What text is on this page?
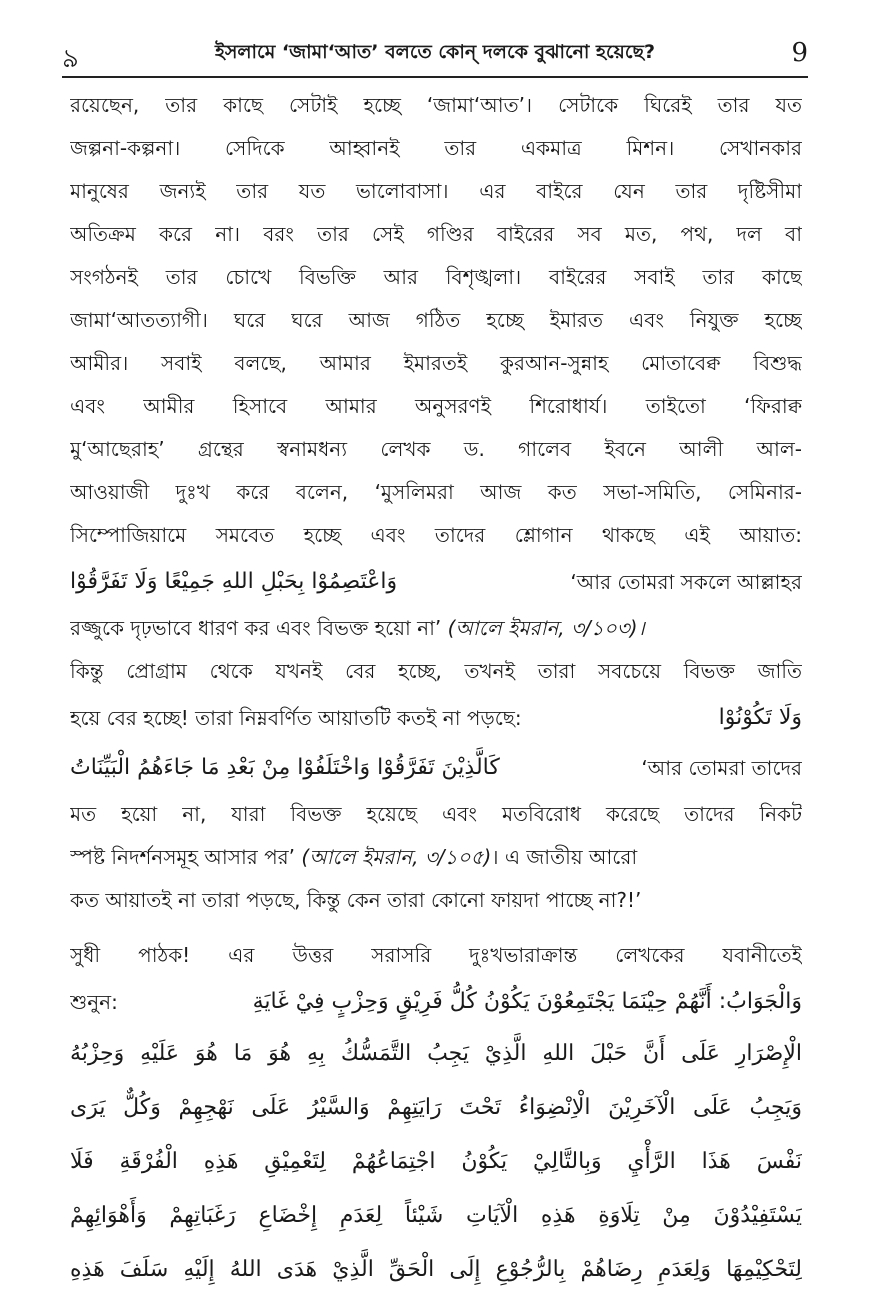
৯	ইসলামে ‘জামা‘আত’ বলতে কোন্ দলকে বুঝানো হয়েছে?	9
রয়েছেন, তার কাছে সেটাই হচ্ছে ‘জামা‘আত’। সেটাকে ঘিরেই তার যত
জল্পনা-কল্পনা। সেদিকে আহ্বানই তার একমাত্র মিশন। সেখানকার
মানুষের জন্যই তার যত ভালোবাসা। এর বাইরে যেন তার দৃষ্টিসীমা
অতিক্রম করে না। বরং তার সেই গণ্ডির বাইরের সব মত, পথ, দল বা
সংগঠনই তার চোখে বিভক্তি আর বিশৃঙ্খলা। বাইরের সবাই তার কাছে
জামা‘আতত্যাগী। ঘরে ঘরে আজ গঠিত হচ্ছে ইমারত এবং নিযুক্ত হচ্ছে
আমীর। সবাই বলছে, আমার ইমারতই কুরআন-সুন্নাহ মোতাবেক্ব বিশুদ্ধ
এবং আমীর হিসাবে আমার অনুসরণই শিরোধার্য। তাইতো ‘ফিরাক্ব
মু‘আছেরাহ’ গ্রন্থের স্বনামধন্য লেখক ড. গালেব ইবনে আলী আল-
আওয়াজী দুঃখ করে বলেন, ‘মুসলিমরা আজ কত সভা-সমিতি, সেমিনার-
সিম্পোজিয়ামে সমবেত হচ্ছে এবং তাদের শ্লোগান থাকছে এই আয়াত:
وَاعْتَصِمُوْا بِحَبْلِ اللهِ جَمِيْعًا وَلَا تَفَرَّقُوْا	‘আর তোমরা সকলে আল্লাহর
রজ্জুকে দৃঢ়ভাবে ধারণ কর এবং বিভক্ত হয়ো না’ (আলে ইমরান, ৩/১০৩)।
কিন্তু প্রোগ্রাম থেকে যখনই বের হচ্ছে, তখনই তারা সবচেয়ে বিভক্ত জাতি
হয়ে বের হচ্ছে! তারা নিম্নবর্ণিত আয়াতটি কতই না পড়ছে:	وَلَا تَكُوْنُوْا
كَالَّذِيْنَ تَفَرَّقُوْا وَاخْتَلَفُوْا مِنْ بَعْدِ مَا جَاءَهُمُ الْبَيِّنَاتُ	‘আর তোমরা তাদের
মত হয়ো না, যারা বিভক্ত হয়েছে এবং মতবিরোধ করেছে তাদের নিকট
স্পষ্ট নিদর্শনসমূহ আসার পর’ (আলে ইমরান, ৩/১০৫)। এ জাতীয় আরো
কত আয়াতই না তারা পড়ছে, কিন্তু কেন তারা কোনো ফায়দা পাচ্ছে না?!’
সুধী পাঠক! এর উত্তর সরাসরি দুঃখভারাক্রান্ত লেখকের যবানীতেই
শুনুন:	وَالْجَوَابُ: أَنَّهُمْ حِيْنَمَا يَجْتَمِعُوْنَ يَكُوْنُ كُلُّ فَرِيْقٍ وَحِزْبٍ فِيْ غَايَةِ
الْإِصْرَارِ عَلَى أَنَّ حَبْلَ اللهِ الَّذِيْ يَجِبُ التَّمَسُّكُ بِهِ هُوَ مَا هُوَ عَلَيْهِ وَحِزْبُهُ
وَيَجِبُ عَلَى الْآخَرِيْنَ الْاِنْضِوَاءُ تَحْتَ رَايَتِهِمْ وَالسَّيْرُ عَلَى نَهْجِهِمْ وَكُلٌّ يَرَى
نَفْسَ هَذَا الرَّأْيِ وَبِالتَّالِيْ يَكُوْنُ اجْتِمَاعُهُمْ لِتَعْمِيْقِ هَذِهِ الْفُرْقَةِ فَلَا
يَسْتَفِيْدُوْنَ مِنْ تِلَاوَةِ هَذِهِ الْآيَاتِ شَيْئاً لِعَدَمِ إِخْضَاعِ رَغَبَاتِهِمْ وَأَهْوَائِهِمْ
لِتَحْكِيْمِهَا وَلِعَدَمِ رِضَاهُمْ بِالرُّجُوْعِ إِلَى الْحَقِّ الَّذِيْ هَدَى اللهُ إِلَيْهِ سَلَفَ هَذِهِ
